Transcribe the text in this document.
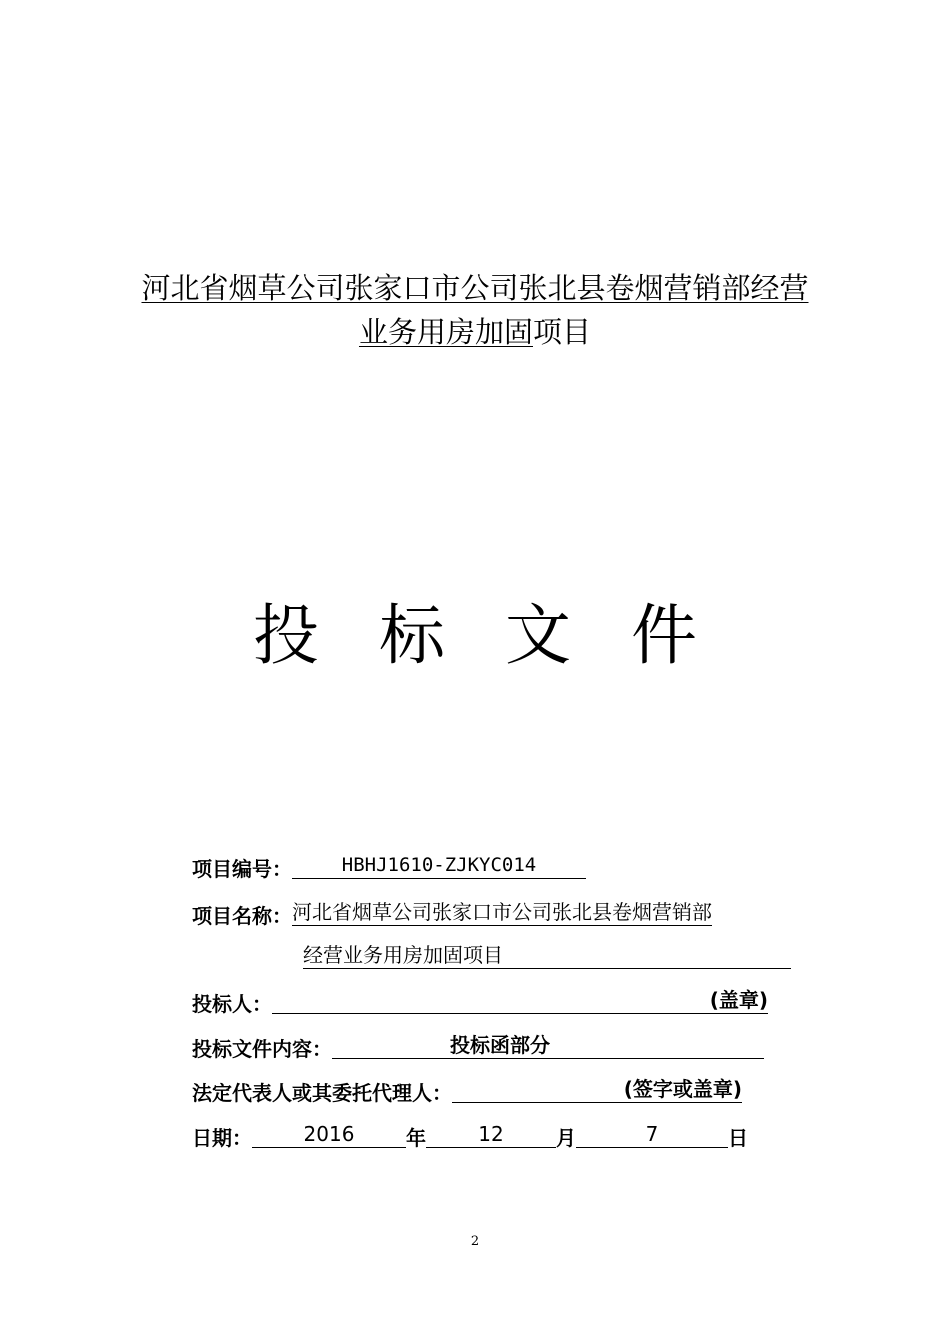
河北省烟草公司张家口市公司张北县卷烟营销部经营
业务用房加固项目
投 标 文 件
项目编号：	HBHJ1610-ZJKYC014
项目名称：河北省烟草公司张家口市公司张北县卷烟营销部
经营业务用房加固项目
投标人：	(盖章)
投标文件内容：	投标函部分
法定代表人或其委托代理人：	(签字或盖章)
日期：	2016	年	12	月	7	日
2
